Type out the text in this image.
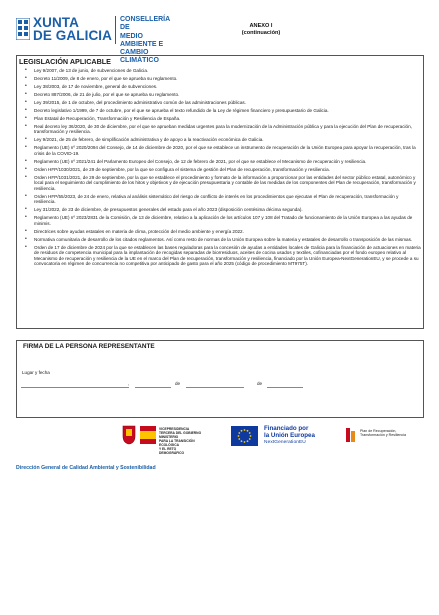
XUNTA
DE GALICIA
CONSELLERÍA DE
MEDIO AMBIENTE E
CAMBIO CLIMÁTICO
ANEXO I
(continuación)
LEGISLACIÓN APLICABLE
• Ley 9/2007, de 13 de junio, de subvenciones de Galicia.
• Decreto 11/2009, de 8 de enero, por el que se aprueba su reglamento.
• Ley 38/2003, de 17 de noviembre, general de subvenciones.
• Decreto 887/2006, de 21 de julio, por el que se aprueba su reglamento.
• Ley 39/2015, de 1 de octubre, del procedimiento administrativo común de las administraciones públicas.
• Decreto legislativo 1/1999, de 7 de octubre, por el que se aprueba el texto refundido de la Ley de régimen financiero y presupuestario de Galicia.
• Plan Estatal de Recuperación, Transformación y Resiliencia de España.
• Real decreto ley 36/2020, de 30 de diciembre, por el que se aprueban medidas urgentes para la modernización de la Administración pública y para la ejecución del Plan de recuperación, transformación y resiliencia.
• Ley 9/2021, de 25 de febrero, de simplificación administrativa y de apoyo a la reactivación económica de Galicia.
• Reglamento (UE) nº 2020/2094 del Consejo, de 14 de diciembre de 2020, por el que se establece un instrumento de recuperación de la Unión Europea para apoyar la recuperación, tras la crisis de la COVID-19.
• Reglamento (UE) nº 2021/241 del Parlamento Europeo del Consejo, de 12 de febrero de 2021, por el que se establece el Mecanismo de recuperación y resiliencia.
• Orden HFP/1030/2021, de 29 de septiembre, por la que se configura el sistema de gestión del Plan de recuperación, transformación y resiliencia.
• Orden HFP/1031/2021, de 29 de septiembre, por la que se establece el procedimiento y formato de la información a proporcionar por las entidades del sector público estatal, autonómico y local para el seguimiento del cumplimiento de los hitos y objetivos y de ejecución presupuestaria y contable de las medidas de los componentes del Plan de recuperación, transformación y resiliencia.
• Orden HFP/55/2023, de 24 de enero, relativa al análisis sistemático del riesgo de conflicto de interés en los procedimientos que ejecutan el Plan de recuperación, transformación y resiliencia.
• Ley 31/2022, de 23 de diciembre, de presupuestos generales del estado para el año 2023 (disposición centésima décima segunda).
• Reglamento (UE) nº 2023/2831 de la Comisión, de 13 de diciembre, relativo a la aplicación de los artículos 107 y 108 del Tratado de funcionamiento de la Unión Europea a las ayudas de minimis.
• Directrices sobre ayudas estatales en materia de clima, protección del medio ambiente y energía 2022.
• Normativa comunitaria de desarrollo de los citados reglamentos. Así como resto de normas de la Unión Europea sobre la materia y estatales de desarrollo o transposición de las mismas.
• Orden de 17 de diciembre de 2024 por la que se establecen las bases reguladoras para la concesión de ayudas a entidades locales de Galicia para la financiación de actuaciones en materia de residuos de competencia municipal para la implantación de recogidas separadas de biorresiduos, aceites de cocina usados y textiles, cofinanciadas por el fondo europeo relativo al Mecanismo de recuperación y resiliencia de la UE en el marco del Plan de recuperación, transformación y resiliencia, financiado por la Unión Europea-NextGenerationEU, y se procede a su convocatoria en régimen de concurrencia no competitiva por anticipado de gasto para el año 2025 (código de procedimiento MT975T).
FIRMA DE LA PERSONA REPRESENTANTE
Lugar y fecha
,	de	de
VICEPRESIDENCIA
TERCERA DEL GOBIERNO
MINISTERIO
PARA LA TRANSICIÓN ECOLÓGICA
Y EL RETO DEMOGRÁFICO
Financiado por
la Unión Europea
NextGenerationEU
Plan de Recuperación,
Transformación y Resiliencia
Dirección General de Calidad Ambiental y Sostenibilidad
